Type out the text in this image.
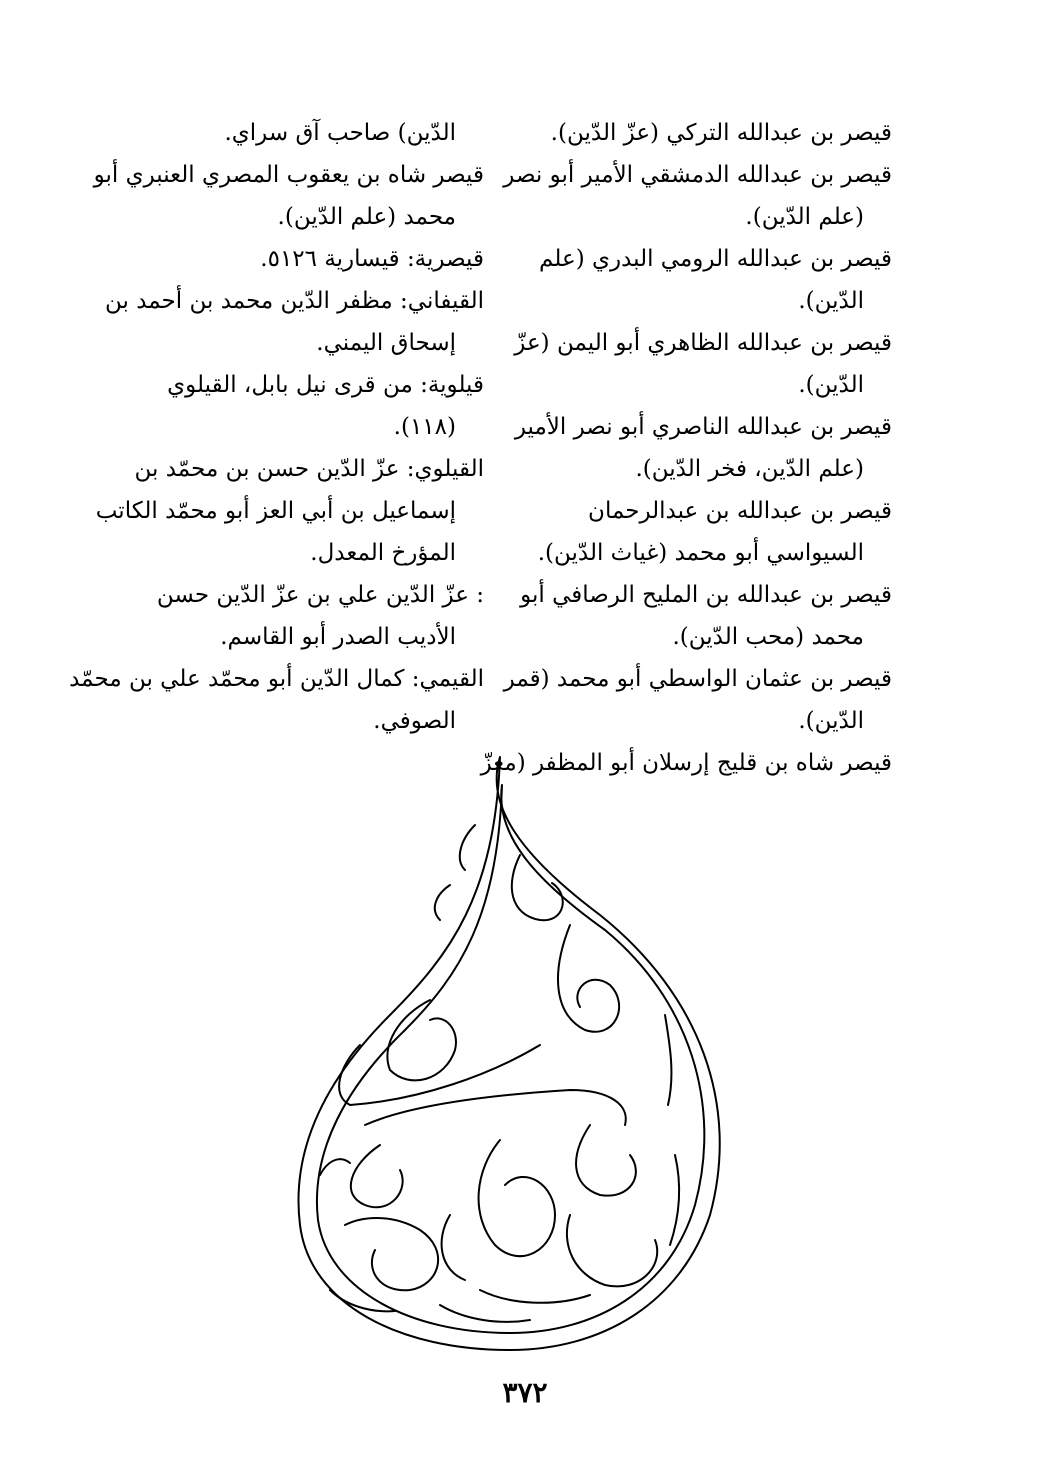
قيصر بن عبدالله التركي (عزّ الدّين).

قيصر بن عبدالله الدمشقي الأمير أبو نصر
(علم الدّين).

قيصر بن عبدالله الرومي البدري (علم
الدّين).

قيصر بن عبدالله الظاهري أبو اليمن (عزّ
الدّين).

قيصر بن عبدالله الناصري أبو نصر الأمير
(علم الدّين، فخر الدّين).

قيصر بن عبدالله بن عبدالرحمان
السيواسي أبو محمد (غياث الدّين).

قيصر بن عبدالله بن المليح الرصافي أبو
محمد (محب الدّين).

قيصر بن عثمان الواسطي أبو محمد (قمر
الدّين).

قيصر شاه بن قليج إرسلان أبو المظفر (معزّ

الدّين) صاحب آق سراي.

قيصر شاه بن يعقوب المصري العنبري أبو
محمد (علم الدّين).

قيصرية: قيسارية ٥١٢٦.

القيفاني: مظفر الدّين محمد بن أحمد بن
إسحاق اليمني.

قيلوية: من قرى نيل بابل، القيلوي
(١١٨).

القيلوي: عزّ الدّين حسن بن محمّد بن
إسماعيل بن أبي العز أبو محمّد الكاتب
المؤرخ المعدل.

: عزّ الدّين علي بن عزّ الدّين حسن
الأديب الصدر أبو القاسم.

القيمي: كمال الدّين أبو محمّد علي بن محمّد
الصوفي.

٣٧٢
